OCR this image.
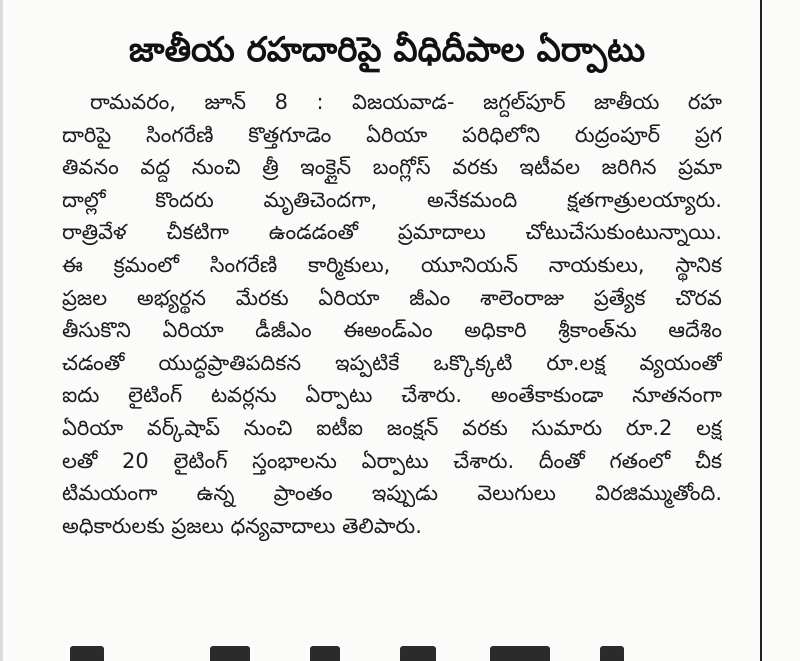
జాతీయ రహదారిపై వీధిదీపాల ఏర్పాటు
రామవరం, జూన్ 8 : విజయవాడ- జగ్దల్‌పూర్ జాతీయ రహ
దారిపై సింగరేణి కొత్తగూడెం ఏరియా పరిధిలోని రుద్రంపూర్ ప్రగ
తివనం వద్ద నుంచి త్రీ ఇంక్లైన్ బంగ్లోస్ వరకు ఇటీవల జరిగిన ప్రమా
దాల్లో కొందరు మృతిచెందగా, అనేకమంది క్షతగాత్రులయ్యారు.
రాత్రివేళ చీకటిగా ఉండడంతో ప్రమాదాలు చోటుచేసుకుంటున్నాయి.
ఈ క్రమంలో సింగరేణి కార్మికులు, యూనియన్ నాయకులు, స్థానిక
ప్రజల అభ్యర్థన మేరకు ఏరియా జీఎం శాలెంరాజు ప్రత్యేక చొరవ
తీసుకొని ఏరియా డీజీఎం ఈఅండ్‌ఎం అధికారి శ్రీకాంత్‌ను ఆదేశిం
చడంతో యుద్ధప్రాతిపదికన ఇప్పటికే ఒక్కొక్కటి రూ.లక్ష వ్యయంతో
ఐదు లైటింగ్ టవర్లను ఏర్పాటు చేశారు. అంతేకాకుండా నూతనంగా
ఏరియా వర్క్‌షాప్ నుంచి ఐటీఐ జంక్షన్ వరకు సుమారు రూ.2 లక్ష
లతో 20 లైటింగ్ స్తంభాలను ఏర్పాటు చేశారు. దీంతో గతంలో చీక
టిమయంగా ఉన్న ప్రాంతం ఇప్పుడు వెలుగులు విరజిమ్ముతోంది.
అధికారులకు ప్రజలు ధన్యవాదాలు తెలిపారు.
